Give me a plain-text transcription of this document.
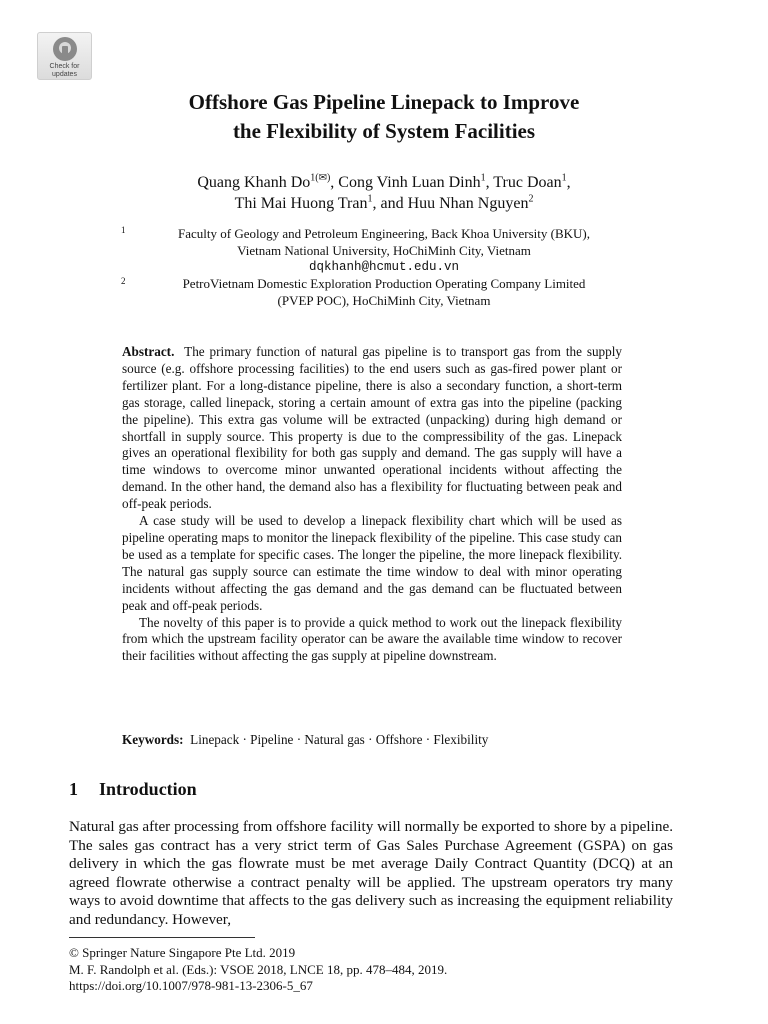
Check for
updates
Offshore Gas Pipeline Linepack to Improve
the Flexibility of System Facilities
Quang Khanh $Do^{1(✉)}$, Cong Vinh Luan Dinh$^1$, Truc Doan$^1$,
Thi Mai Huong Tran$^1$, and Huu Nhan Nguyen$^2$
1	Faculty of Geology and Petroleum Engineering, Back Khoa University (BKU),
Vietnam National University, HoChiMinh City, Vietnam
dqkhanh@hcmut.edu.vn
2	PetroVietnam Domestic Exploration Production Operating Company Limited
(PVEP POC), HoChiMinh City, Vietnam

Abstract. The primary function of natural gas pipeline is to transport gas from the supply source (e.g. offshore processing facilities) to the end users such as gas-fired power plant or fertilizer plant. For a long-distance pipeline, there is also a secondary function, a short-term gas storage, called linepack, storing a certain amount of extra gas into the pipeline (packing the pipeline). This extra gas volume will be extracted (unpacking) during high demand or shortfall in supply source. This property is due to the compressibility of the gas. Linepack gives an operational flexibility for both gas supply and demand. The gas supply will have a time windows to overcome minor unwanted operational incidents without affecting the demand. In the other hand, the demand also has a flexibility for fluctuating between peak and off-peak periods.

A case study will be used to develop a linepack flexibility chart which will be used as pipeline operating maps to monitor the linepack flexibility of the pipeline. This case study can be used as a template for specific cases. The longer the pipeline, the more linepack flexibility. The natural gas supply source can estimate the time window to deal with minor operating incidents without affecting the gas demand and the gas demand can be fluctuated between peak and off-peak periods.

The novelty of this paper is to provide a quick method to work out the linepack flexibility from which the upstream facility operator can be aware the available time window to recover their facilities without affecting the gas supply at pipeline downstream.

Keywords: Linepack · Pipeline · Natural gas · Offshore · Flexibility
1 Introduction

Natural gas after processing from offshore facility will normally be exported to shore by a pipeline. The sales gas contract has a very strict term of Gas Sales Purchase Agreement (GSPA) on gas delivery in which the gas flowrate must be met average Daily Contract Quantity (DCQ) at an agreed flowrate otherwise a contract penalty will be applied. The upstream operators try many ways to avoid downtime that affects to the gas delivery such as increasing the equipment reliability and redundancy. However,

© Springer Nature Singapore Pte Ltd. 2019
M. F. Randolph et al. (Eds.): VSOE 2018, LNCE 18, pp. 478–484, 2019.
https://doi.org/10.1007/978-981-13-2306-5_67
